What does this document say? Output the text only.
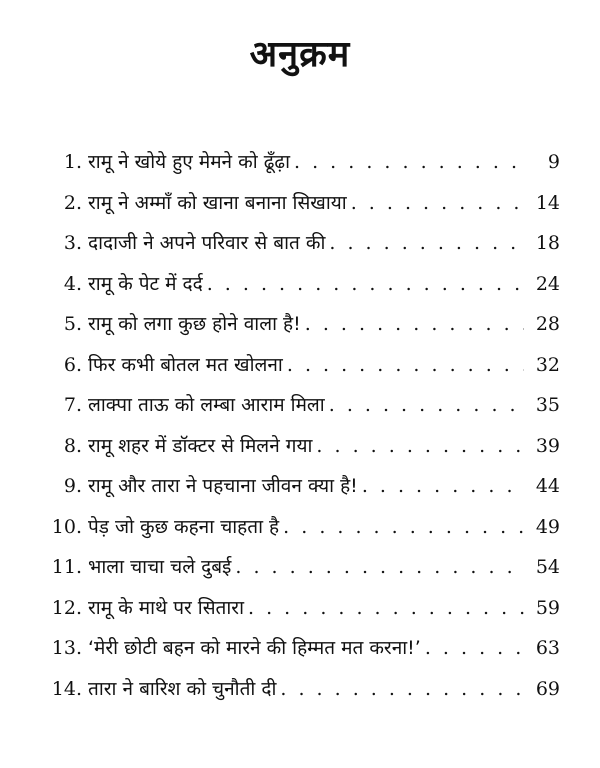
अनुक्रम
1. रामू ने खोये हुए मेमने को ढूँढ़ा . . .	9
2. रामू ने अम्माँ को खाना बनाना सिखाया . . .	14
3. दादाजी ने अपने परिवार से बात की . . .	18
4. रामू के पेट में दर्द . . .	24
5. रामू को लगा कुछ होने वाला है! . . .	28
6. फिर कभी बोतल मत खोलना . . .	32
7. लाक्पा ताऊ को लम्बा आराम मिला . . .	35
8. रामू शहर में डॉक्टर से मिलने गया . . .	39
9. रामू और तारा ने पहचाना जीवन क्या है! . . .	44
10. पेड़ जो कुछ कहना चाहता है . . .	49
11. भाला चाचा चले दुबई . . .	54
12. रामू के माथे पर सितारा . . .	59
13. ‘मेरी छोटी बहन को मारने की हिम्मत मत करना!’ . . .	63
14. तारा ने बारिश को चुनौती दी . . .	69
